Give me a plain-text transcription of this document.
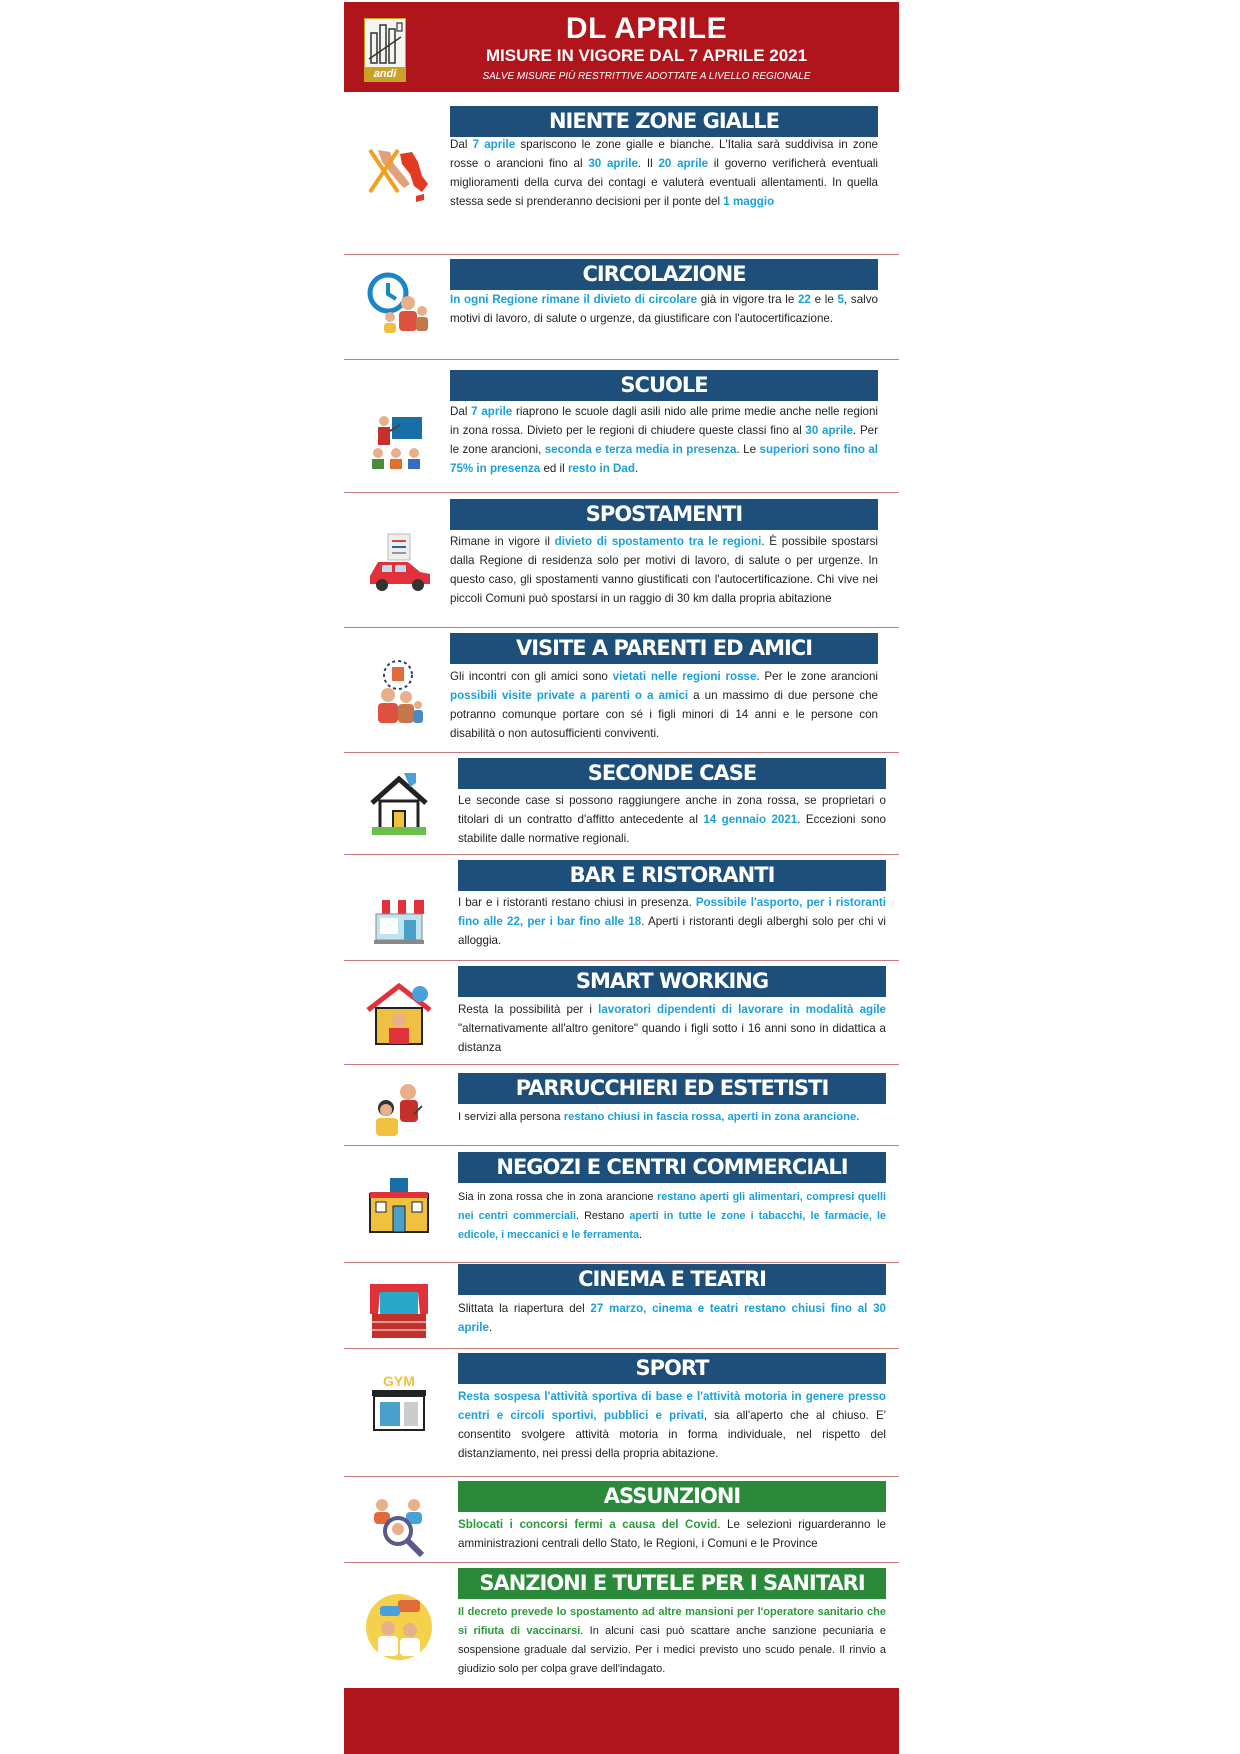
andi
DL APRILE
MISURE IN VIGORE DAL 7 APRILE 2021
SALVE MISURE PIÙ RESTRITTIVE ADOTTATE A LIVELLO REGIONALE
NIENTE ZONE GIALLE
Dal 7 aprile spariscono le zone gialle e bianche. L'Italia sarà suddivisa in zone rosse o arancioni fino al 30 aprile. Il 20 aprile il governo verificherà eventuali miglioramenti della curva dei contagi e valuterà eventuali allentamenti. In quella stessa sede si prenderanno decisioni per il ponte del 1 maggio
CIRCOLAZIONE
In ogni Regione rimane il divieto di circolare già in vigore tra le 22 e le 5, salvo motivi di lavoro, di salute o urgenze, da giustificare con l'autocertificazione.
SCUOLE
Dal 7 aprile riaprono le scuole dagli asili nido alle prime medie anche nelle regioni in zona rossa. Divieto per le regioni di chiudere queste classi fino al 30 aprile. Per le zone arancioni, seconda e terza media in presenza. Le superiori sono fino al 75% in presenza ed il resto in Dad.
SPOSTAMENTI
Rimane in vigore il divieto di spostamento tra le regioni. È possibile spostarsi dalla Regione di residenza solo per motivi di lavoro, di salute o per urgenze. In questo caso, gli spostamenti vanno giustificati con l'autocertificazione. Chi vive nei piccoli Comuni può spostarsi in un raggio di 30 km dalla propria abitazione
VISITE A PARENTI ED AMICI
Gli incontri con gli amici sono vietati nelle regioni rosse. Per le zone arancioni possibili visite private a parenti o a amici a un massimo di due persone che potranno comunque portare con sé i figli minori di 14 anni e le persone con disabilità o non autosufficienti conviventi.
SECONDE CASE
Le seconde case si possono raggiungere anche in zona rossa, se proprietari o titolari di un contratto d'affitto antecedente al 14 gennaio 2021. Eccezioni sono stabilite dalle normative regionali.
BAR E RISTORANTI
I bar e i ristoranti restano chiusi in presenza. Possibile l'asporto, per i ristoranti fino alle 22, per i bar fino alle 18. Aperti i ristoranti degli alberghi solo per chi vi alloggia.
SMART WORKING
Resta la possibilità per i lavoratori dipendenti di lavorare in modalità agile "alternativamente all'altro genitore" quando i figli sotto i 16 anni sono in didattica a distanza
PARRUCCHIERI ED ESTETISTI
I servizi alla persona restano chiusi in fascia rossa, aperti in zona arancione.
NEGOZI E CENTRI COMMERCIALI
Sia in zona rossa che in zona arancione restano aperti gli alimentari, compresi quelli nei centri commerciali. Restano aperti in tutte le zone i tabacchi, le farmacie, le edicole, i meccanici e le ferramenta.
CINEMA E TEATRI
Slittata la riapertura del 27 marzo, cinema e teatri restano chiusi fino al 30 aprile.
SPORT
GYM
Resta sospesa l'attività sportiva di base e l'attività motoria in genere presso centri e circoli sportivi, pubblici e privati, sia all'aperto che al chiuso. E' consentito svolgere attività motoria in forma individuale, nel rispetto del distanziamento, nei pressi della propria abitazione.
ASSUNZIONI
Sblocati i concorsi fermi a causa del Covid. Le selezioni riguarderanno le amministrazioni centrali dello Stato, le Regioni, i Comuni e le Province
SANZIONI E TUTELE PER I SANITARI
Il decreto prevede lo spostamento ad altre mansioni per l'operatore sanitario che si rifiuta di vaccinarsi. In alcuni casi può scattare anche sanzione pecuniaria e sospensione graduale dal servizio. Per i medici previsto uno scudo penale. Il rinvio a giudizio solo per colpa grave dell'indagato.
